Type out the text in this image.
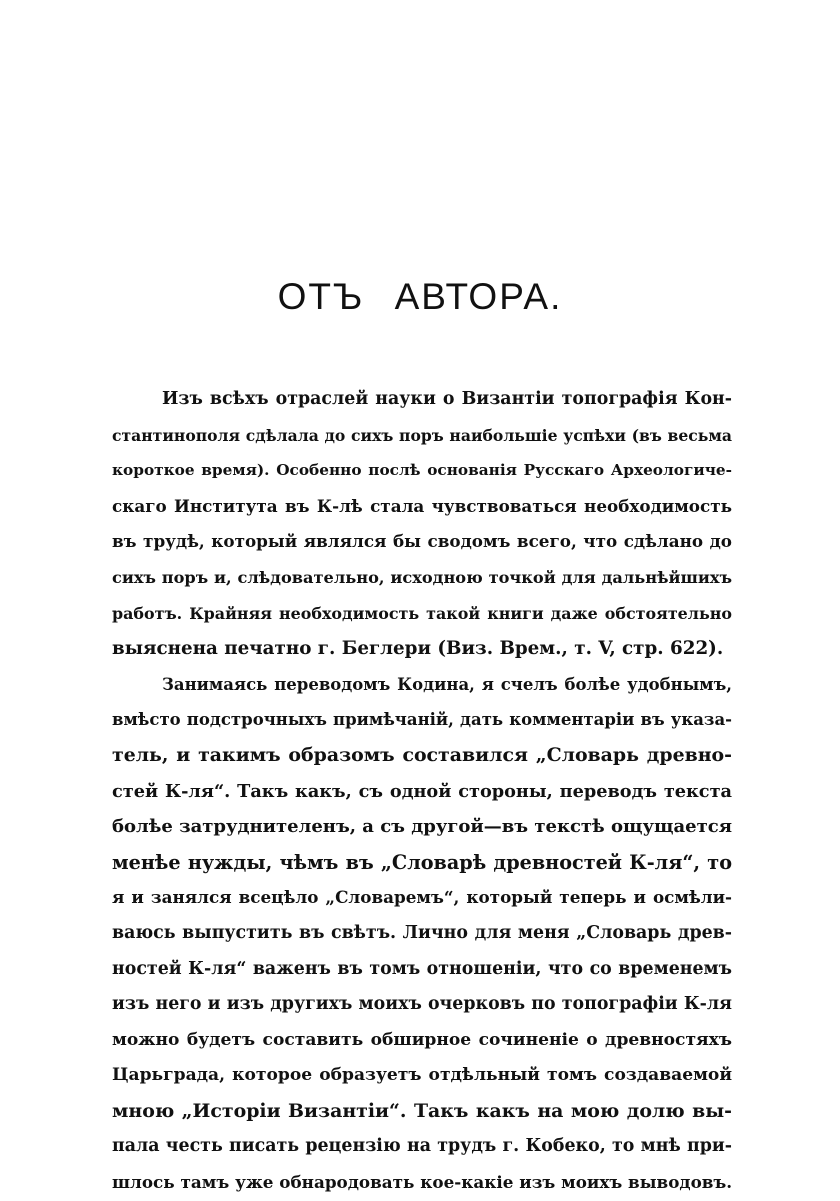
ОТЪ АВТОРА.
Изъ всѣхъ отраслей науки о Византіи топографія Кон-
стантинополя сдѣлала до сихъ поръ наибольшіе успѣхи (въ весьма
короткое время). Особенно послѣ основанія Русскаго Археологиче-
скаго Института въ К-лѣ стала чувствоваться необходимость
въ трудѣ, который являлся бы сводомъ всего, что сдѣлано до
сихъ поръ и, слѣдовательно, исходною точкой для дальнѣйшихъ
работъ. Крайняя необходимость такой книги даже обстоятельно
выяснена печатно г. Беглери (Виз. Врем., т. V, стр. 622).
Занимаясь переводомъ Кодина, я счелъ болѣе удобнымъ,
вмѣсто подстрочныхъ примѣчаній, дать комментаріи въ указа-
тель, и такимъ образомъ составился „Словарь древно-
стей К-ля“. Такъ какъ, съ одной стороны, переводъ текста
болѣе затруднителенъ, а съ другой—въ текстѣ ощущается
менѣе нужды, чѣмъ въ „Словарѣ древностей К-ля“, то
я и занялся всецѣло „Словаремъ“, который теперь и осмѣли-
ваюсь выпустить въ свѣтъ. Лично для меня „Словарь древ-
ностей К-ля“ важенъ въ томъ отношеніи, что со временемъ
изъ него и изъ другихъ моихъ очерковъ по топографіи К-ля
можно будетъ составить обширное сочиненіе о древностяхъ
Царьграда, которое образуетъ отдѣльный томъ создаваемой
мною „Исторіи Византіи“. Такъ какъ на мою долю вы-
пала честь писать рецензію на трудъ г. Кобеко, то мнѣ при-
шлось тамъ уже обнародовать кое-какіе изъ моихъ выводовъ.
